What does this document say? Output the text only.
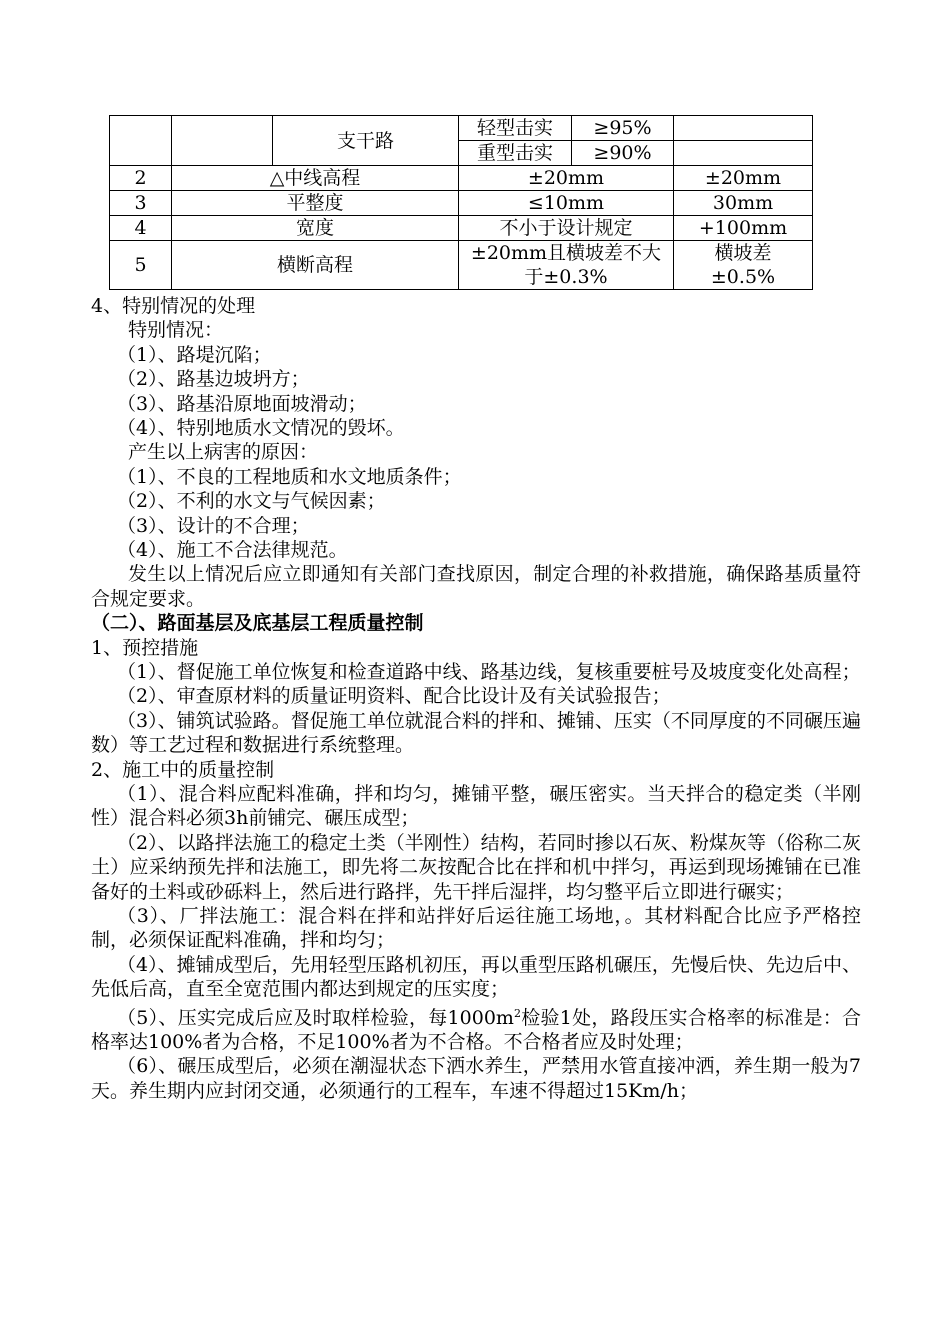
		支干路	轻型击实	≥95%	
			重型击实	≥90%	
2	△中线高程		±20mm		±20mm
3	平整度		≤10mm		30mm
4	宽度		不小于设计规定		+100mm
5	横断高程		±20mm且横坡差不大于±0.3%		横坡差±0.5%
4、特别情况的处理
特别情况：
（1）、路堤沉陷；
（2）、路基边坡坍方；
（3）、路基沿原地面坡滑动；
（4）、特别地质水文情况的毁坏。
产生以上病害的原因：
（1）、不良的工程地质和水文地质条件；
（2）、不利的水文与气候因素；
（3）、设计的不合理；
（4）、施工不合法律规范。
发生以上情况后应立即通知有关部门查找原因，制定合理的补救措施，确保路基质量符合规定要求。
（二）、路面基层及底基层工程质量控制
1、预控措施
（1）、督促施工单位恢复和检查道路中线、路基边线，复核重要桩号及坡度变化处高程；
（2）、审查原材料的质量证明资料、配合比设计及有关试验报告；
（3）、铺筑试验路。督促施工单位就混合料的拌和、摊铺、压实（不同厚度的不同碾压遍数）等工艺过程和数据进行系统整理。
2、施工中的质量控制
（1）、混合料应配料准确，拌和均匀，摊铺平整，碾压密实。当天拌合的稳定类（半刚性）混合料必须3h前铺完、碾压成型；
（2）、以路拌法施工的稳定土类（半刚性）结构，若同时掺以石灰、粉煤灰等（俗称二灰土）应采纳预先拌和法施工，即先将二灰按配合比在拌和机中拌匀，再运到现场摊铺在已准备好的土料或砂砾料上，然后进行路拌，先干拌后湿拌，均匀整平后立即进行碾实；
（3）、厂拌法施工：混合料在拌和站拌好后运往施工场地，。其材料配合比应予严格控制，必须保证配料准确，拌和均匀；
（4）、摊铺成型后，先用轻型压路机初压，再以重型压路机碾压，先慢后快、先边后中、先低后高，直至全宽范围内都达到规定的压实度；
（5）、压实完成后应及时取样检验，每$1000m^2$检验1处，路段压实合格率的标准是：合格率达100%者为合格，不足100%者为不合格。不合格者应及时处理；
（6）、碾压成型后，必须在潮湿状态下洒水养生，严禁用水管直接冲洒，养生期一般为7天。养生期内应封闭交通，必须通行的工程车，车速不得超过15Km/h；
